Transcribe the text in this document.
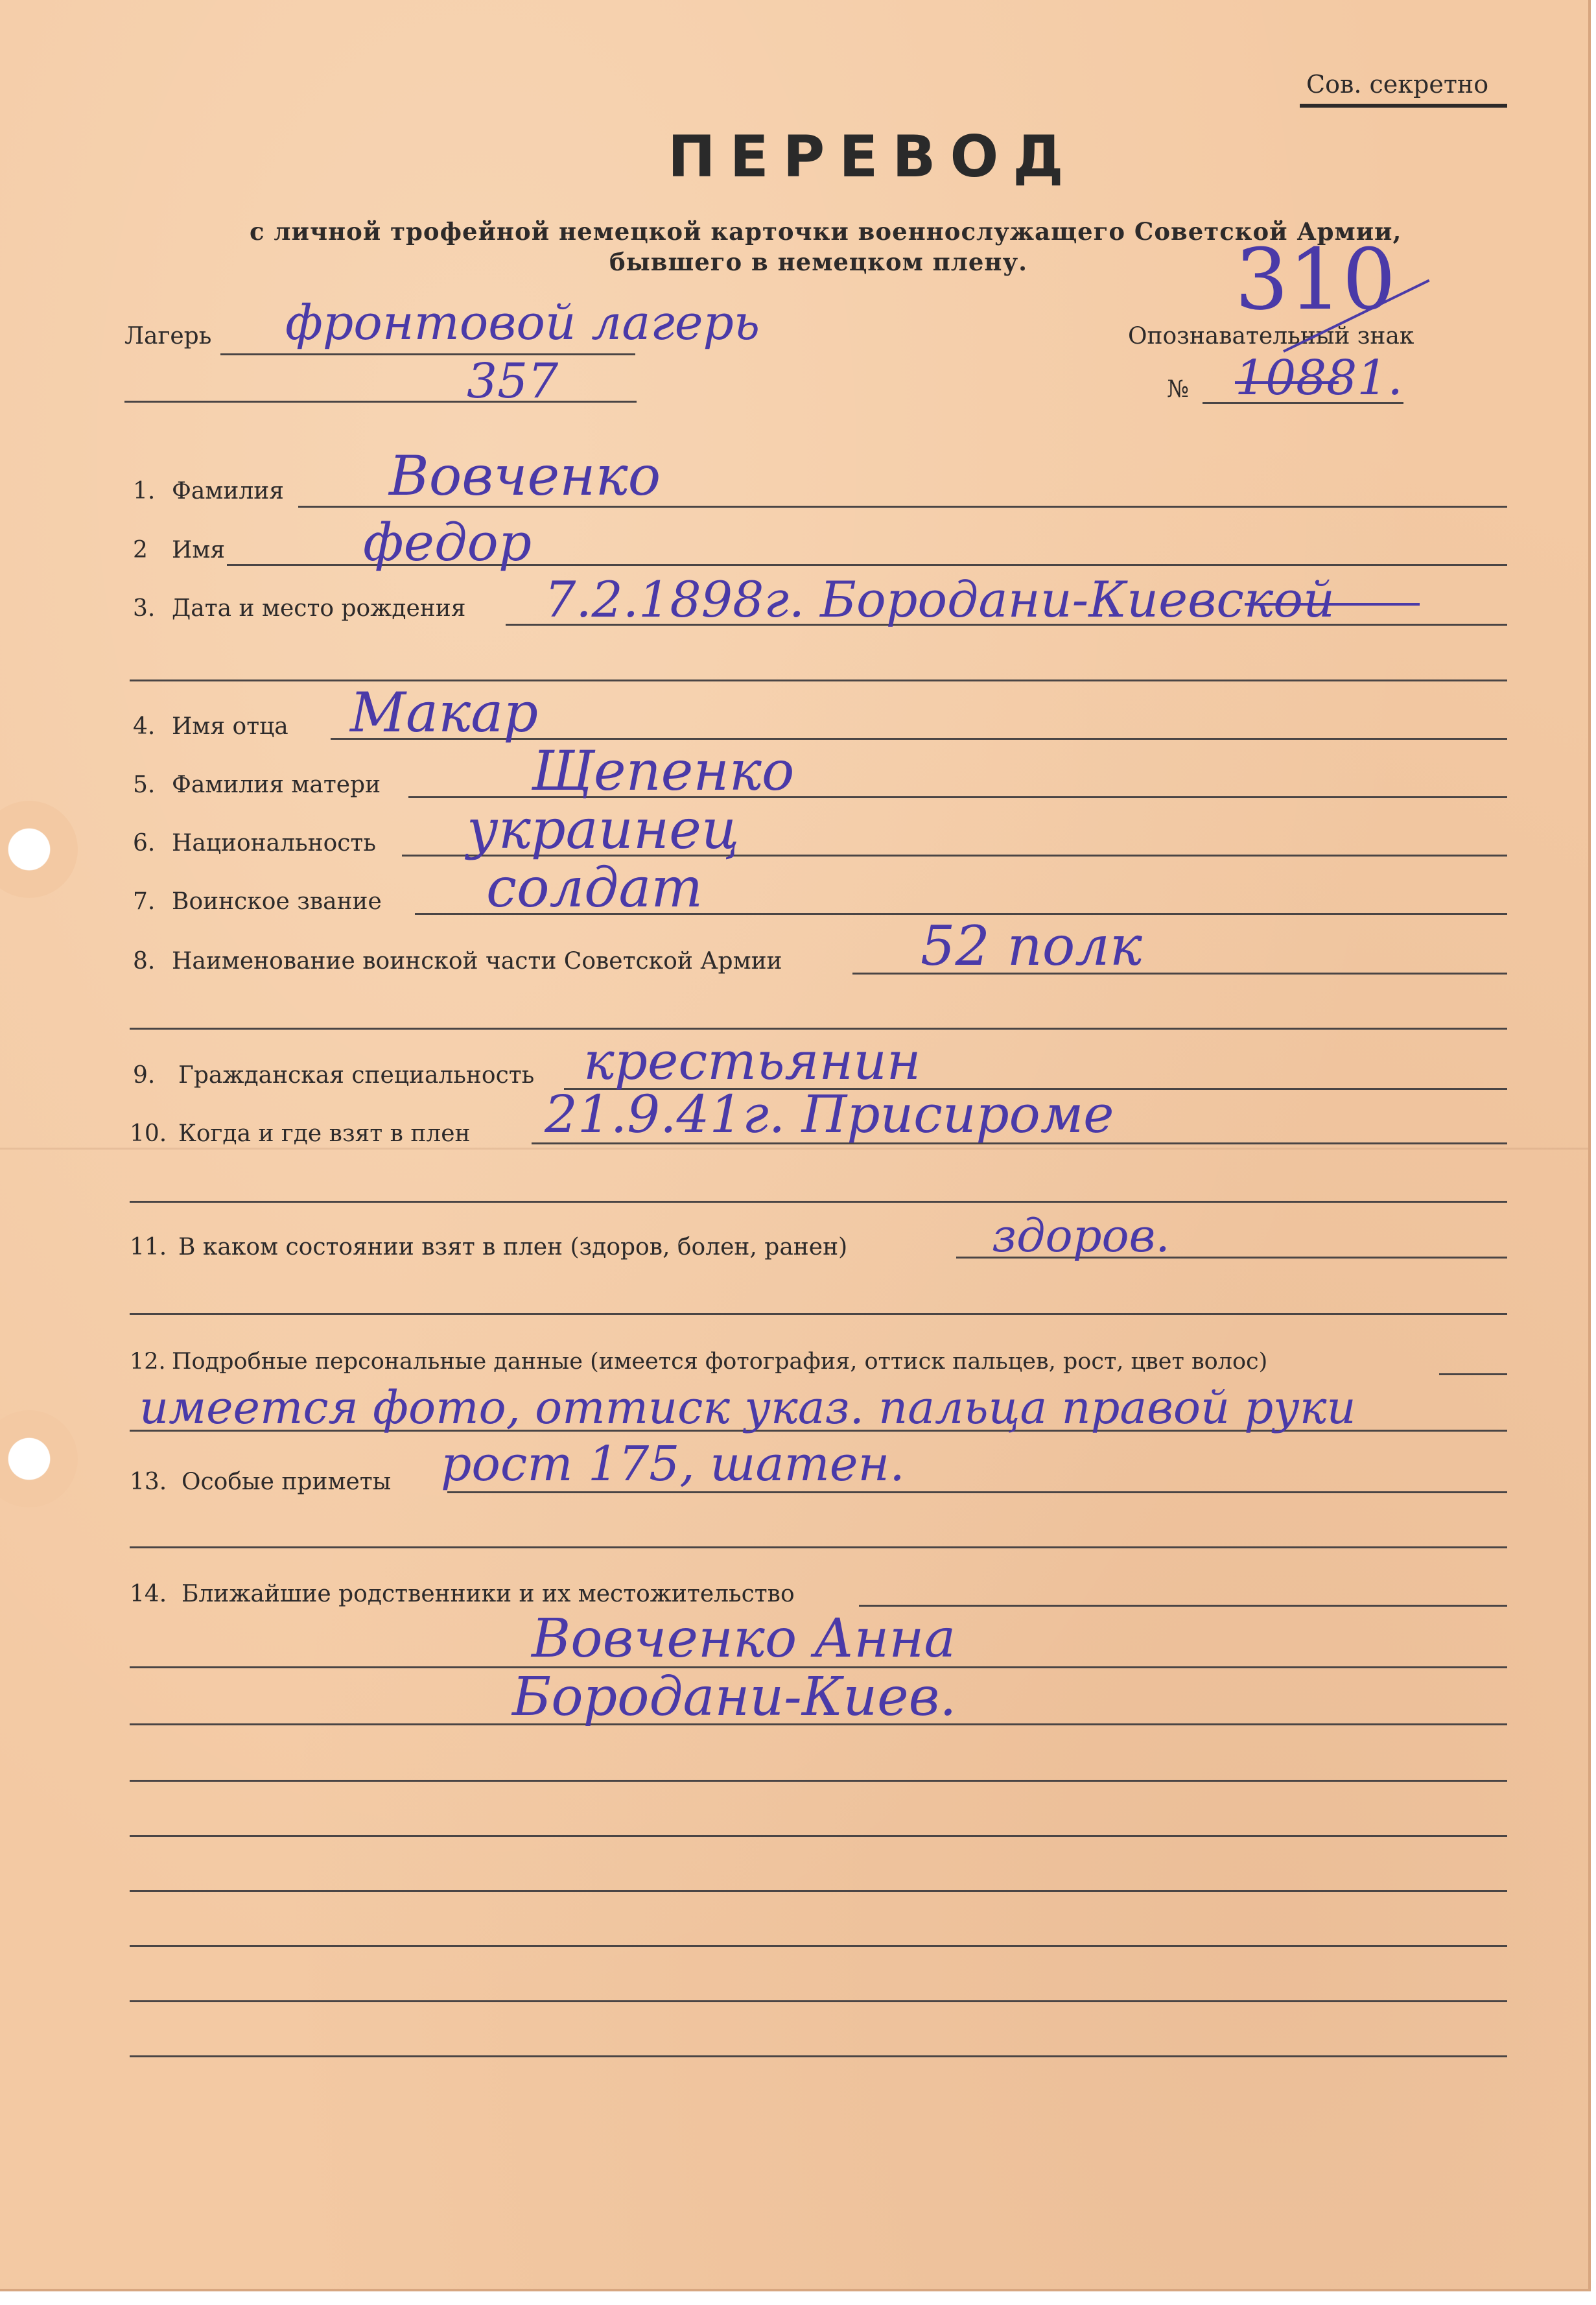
Сов. секретно
ПЕРЕВОД
с личной трофейной немецкой карточки военнослужащего Советской Армии,
бывшего в немецком плену.
Лагерь фронтовой лагерь
357
Опознавательный знак
№ 10881.
310
1. Фамилия Вовченко
2 Имя	федор
3. Дата и место рождения 7.2.1898г. Бородани-Киевской
4. Имя отца Макар
5. Фамилия матери	Щепенко
6. Национальность украинец
7. Воинское звание солдат
8. Наименование воинской части Советской Армии	52 полк
9. Гражданская специальность крестьянин
10. Когда и где взят в плен 21.9.41г. Присироме
11. В каком состоянии взят в плен (здоров, болен, ранен)	здоров.
12. Подробные персональные данные (имеется фотография, оттиск пальцев, рост, цвет волос)
имеется фото, оттиск указ. пальца правой руки
13. Особые приметы рост 175, шатен.
14. Ближайшие родственники и их местожительство
Вовченко Анна
Бородани-Киев.
